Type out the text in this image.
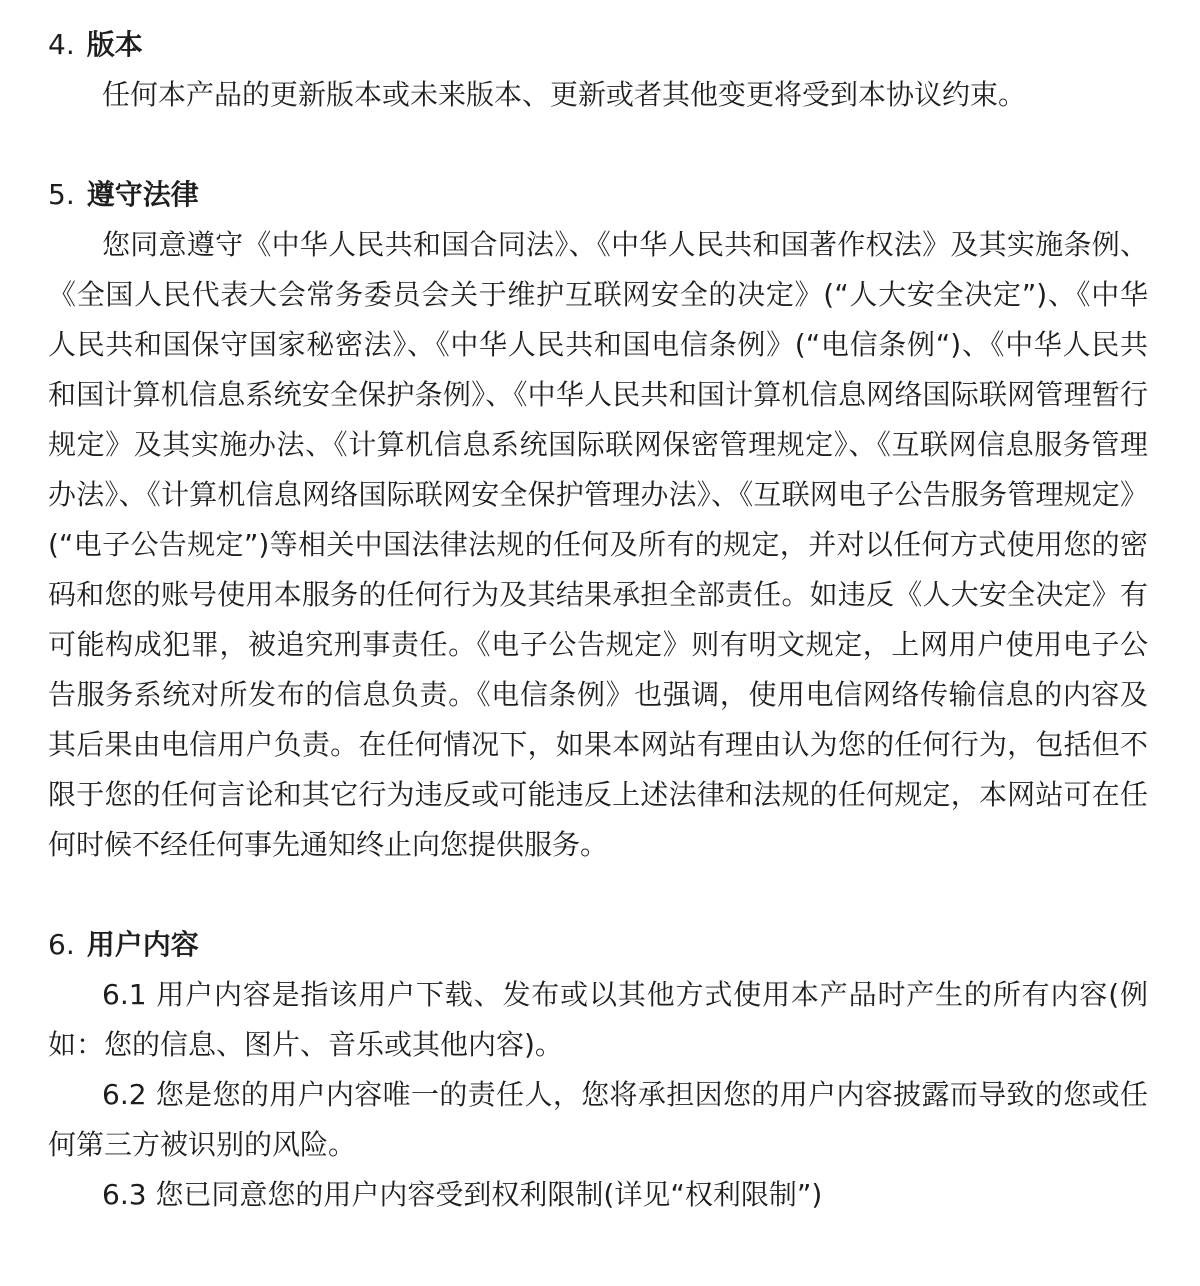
4. 版本

任何本产品的更新版本或未来版本、更新或者其他变更将受到本协议约束。

5. 遵守法律

您同意遵守《中华人民共和国合同法》、《中华人民共和国著作权法》及其实施条例、《全国人民代表大会常务委员会关于维护互联网安全的决定》(“人大安全决定”)、《中华人民共和国保守国家秘密法》、《中华人民共和国电信条例》(“电信条例“)、《中华人民共和国计算机信息系统安全保护条例》、《中华人民共和国计算机信息网络国际联网管理暂行规定》及其实施办法、《计算机信息系统国际联网保密管理规定》、《互联网信息服务管理办法》、《计算机信息网络国际联网安全保护管理办法》、《互联网电子公告服务管理规定》(“电子公告规定”)等相关中国法律法规的任何及所有的规定，并对以任何方式使用您的密码和您的账号使用本服务的任何行为及其结果承担全部责任。如违反《人大安全决定》有可能构成犯罪，被追究刑事责任。《电子公告规定》则有明文规定，上网用户使用电子公告服务系统对所发布的信息负责。《电信条例》也强调，使用电信网络传输信息的内容及其后果由电信用户负责。在任何情况下，如果本网站有理由认为您的任何行为，包括但不限于您的任何言论和其它行为违反或可能违反上述法律和法规的任何规定，本网站可在任何时候不经任何事先通知终止向您提供服务。

6. 用户内容

6.1 用户内容是指该用户下载、发布或以其他方式使用本产品时产生的所有内容(例如：您的信息、图片、音乐或其他内容)。

6.2 您是您的用户内容唯一的责任人，您将承担因您的用户内容披露而导致的您或任何第三方被识别的风险。

6.3 您已同意您的用户内容受到权利限制(详见“权利限制”)
